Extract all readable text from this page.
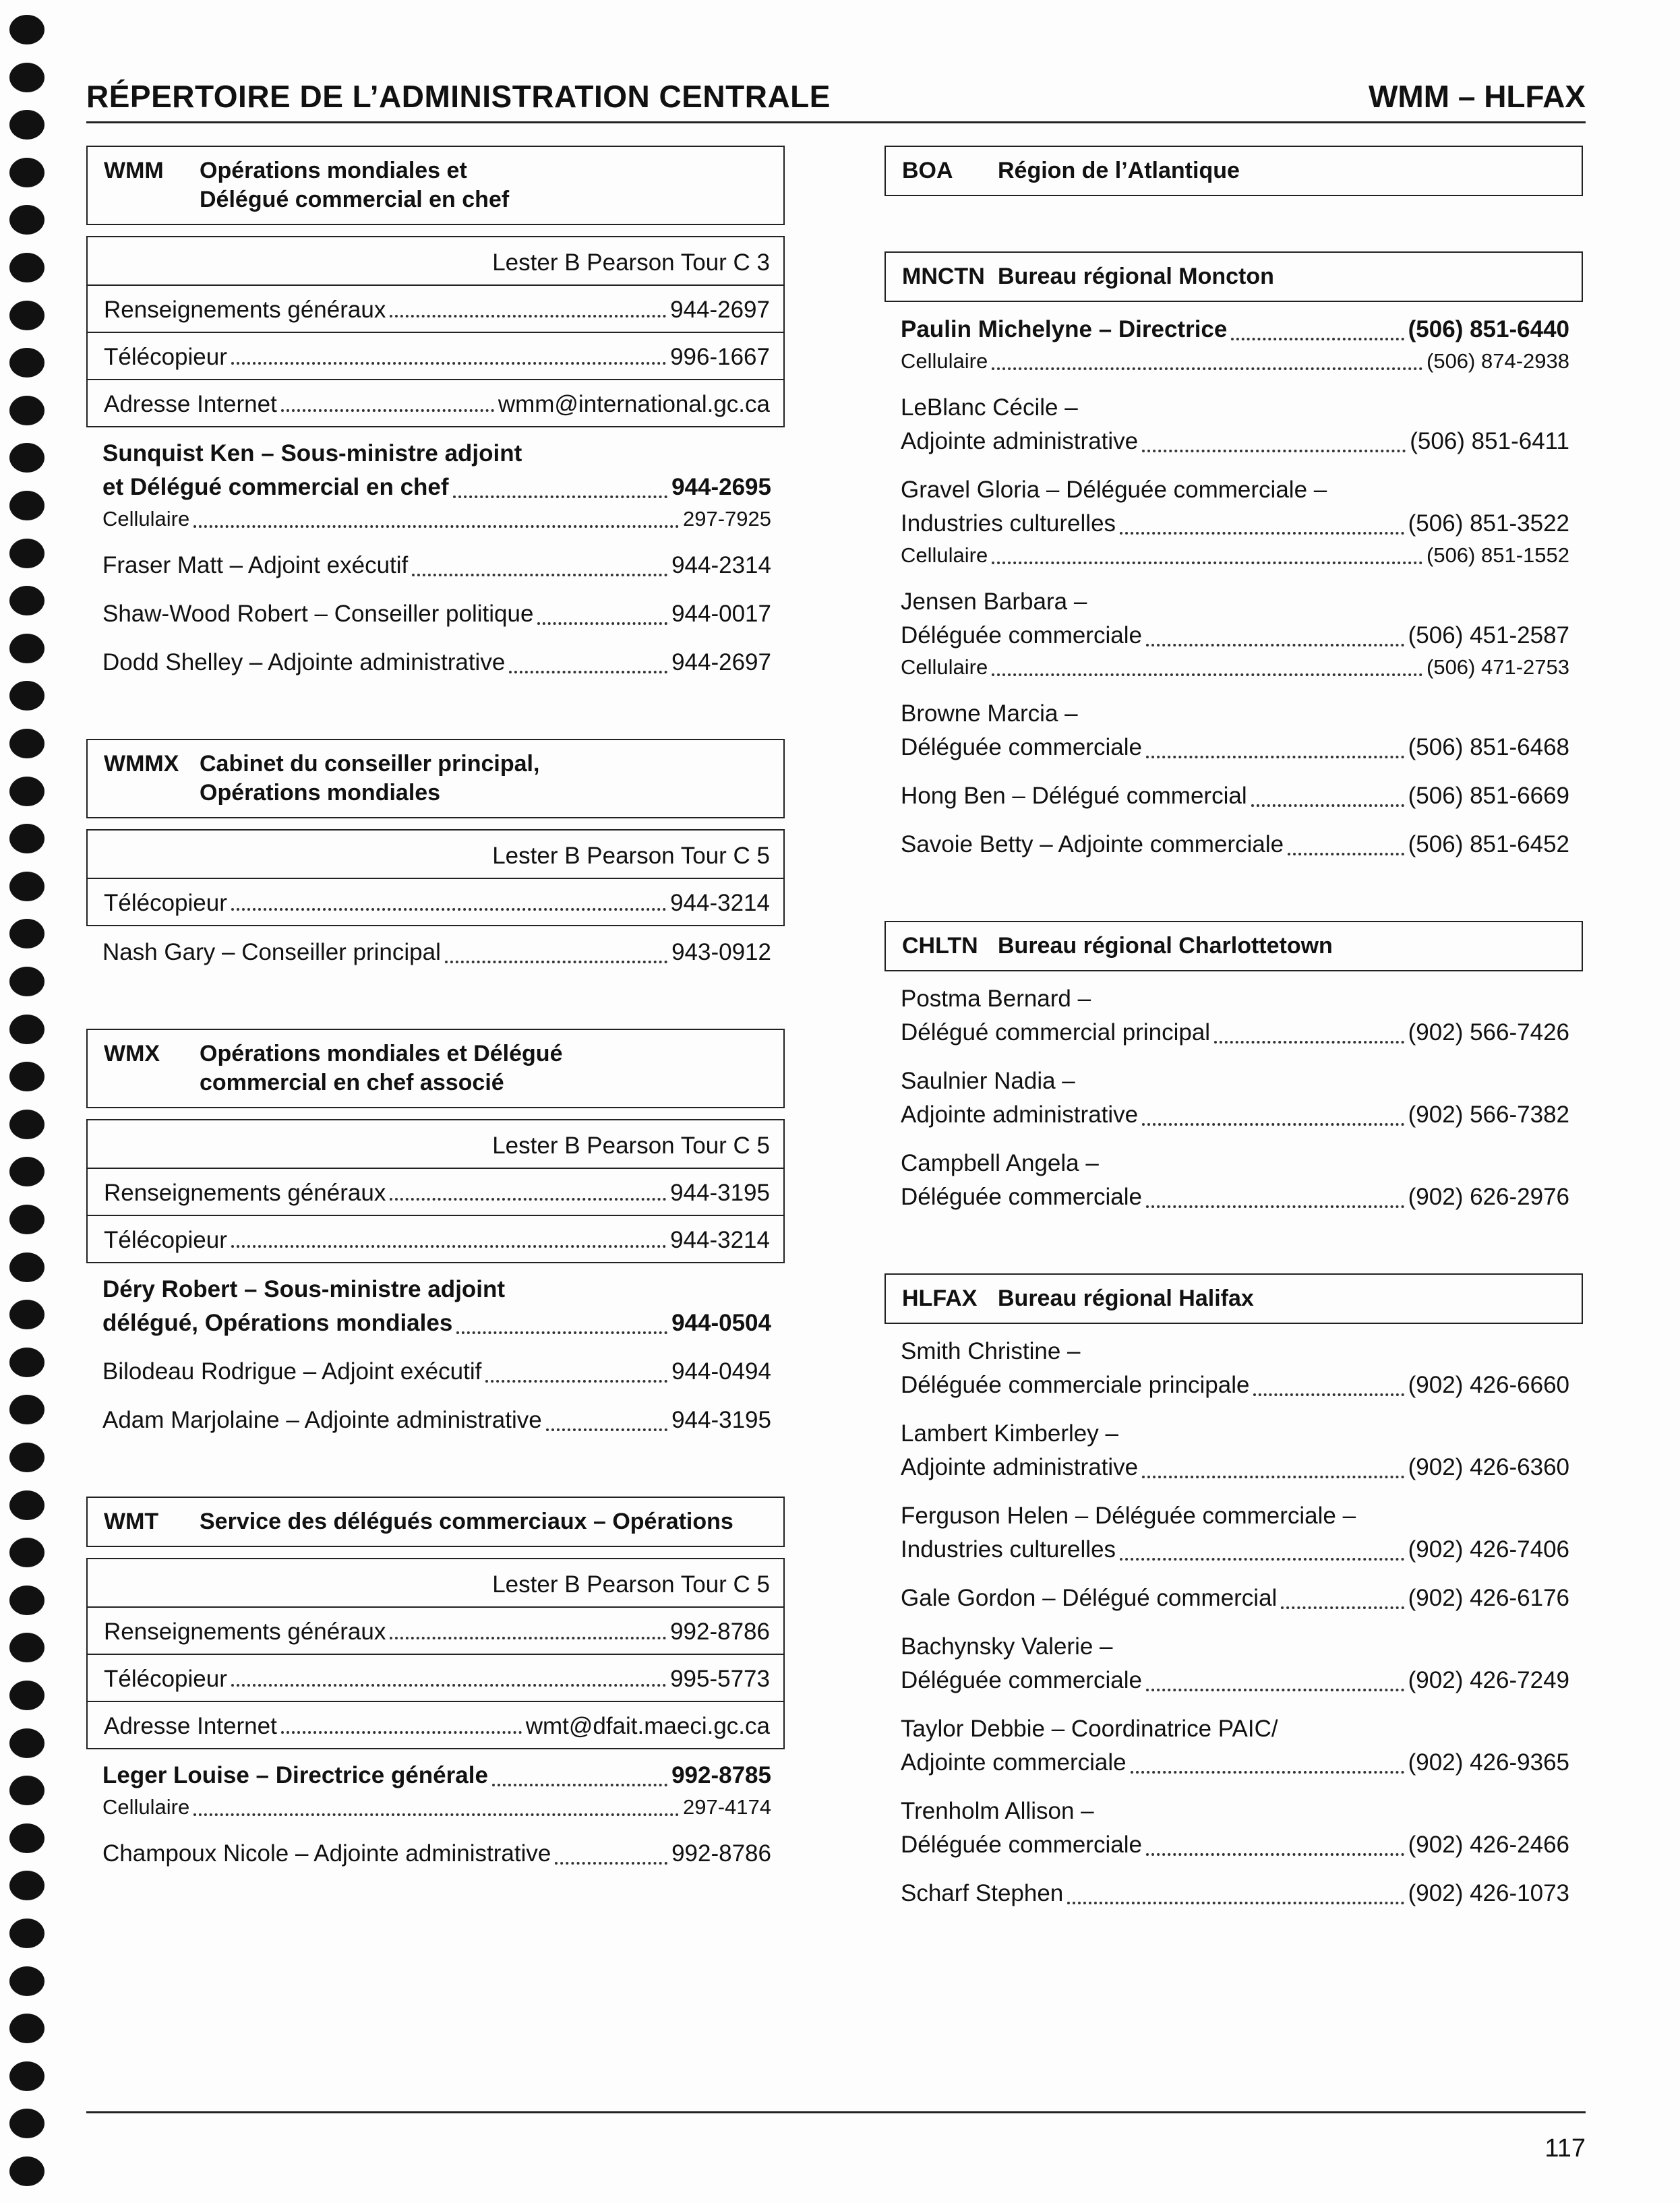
RÉPERTOIRE DE L’ADMINISTRATION CENTRALE	WMM – HLFAX
WMM	Opérations mondiales et
Délégué commercial en chef
Lester B Pearson Tour C 3
Renseignements généraux	944-2697
Télécopieur	996-1667
Adresse Internet	wmm@international.gc.ca
Sunquist Ken – Sous-ministre adjoint
et Délégué commercial en chef	944-2695
Cellulaire	297-7925
Fraser Matt – Adjoint exécutif	944-2314
Shaw-Wood Robert – Conseiller politique	944-0017
Dodd Shelley – Adjointe administrative	944-2697
WMMX Cabinet du conseiller principal,
Opérations mondiales
Lester B Pearson Tour C 5
Télécopieur	944-3214
Nash Gary – Conseiller principal	943-0912
WMX	Opérations mondiales et Délégué
commercial en chef associé
Lester B Pearson Tour C 5
Renseignements généraux	944-3195
Télécopieur	944-3214
Déry Robert – Sous-ministre adjoint
délégué, Opérations mondiales	944-0504
Bilodeau Rodrigue – Adjoint exécutif	944-0494
Adam Marjolaine – Adjointe administrative	944-3195
WMT	Service des délégués commerciaux – Opérations
Lester B Pearson Tour C 5
Renseignements généraux	992-8786
Télécopieur	995-5773
Adresse Internet	wmt@dfait.maeci.gc.ca
Leger Louise – Directrice générale	992-8785
Cellulaire	297-4174
Champoux Nicole – Adjointe administrative	992-8786
BOA	Région de l’Atlantique
MNCTN Bureau régional Moncton
Paulin Michelyne – Directrice	(506) 851-6440
Cellulaire	(506) 874-2938
LeBlanc Cécile –
Adjointe administrative	(506) 851-6411
Gravel Gloria – Déléguée commerciale –
Industries culturelles	(506) 851-3522
Cellulaire	(506) 851-1552
Jensen Barbara –
Déléguée commerciale	(506) 451-2587
Cellulaire	(506) 471-2753
Browne Marcia –
Déléguée commerciale	(506) 851-6468
Hong Ben – Délégué commercial	(506) 851-6669
Savoie Betty – Adjointe commerciale	(506) 851-6452
CHLTN Bureau régional Charlottetown
Postma Bernard –
Délégué commercial principal	(902) 566-7426
Saulnier Nadia –
Adjointe administrative	(902) 566-7382
Campbell Angela –
Déléguée commerciale	(902) 626-2976
HLFAX Bureau régional Halifax
Smith Christine –
Déléguée commerciale principale	(902) 426-6660
Lambert Kimberley –
Adjointe administrative	(902) 426-6360
Ferguson Helen – Déléguée commerciale –
Industries culturelles	(902) 426-7406
Gale Gordon – Délégué commercial	(902) 426-6176
Bachynsky Valerie –
Déléguée commerciale	(902) 426-7249
Taylor Debbie – Coordinatrice PAIC/
Adjointe commerciale	(902) 426-9365
Trenholm Allison –
Déléguée commerciale	(902) 426-2466
Scharf Stephen	(902) 426-1073
117
